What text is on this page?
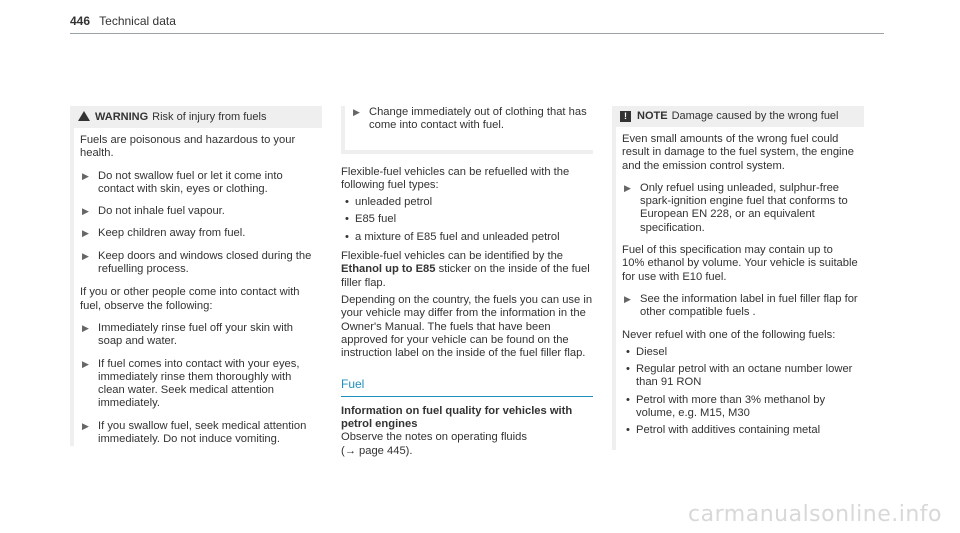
446 Technical data
WARNING Risk of injury from fuels

Fuels are poisonous and hazardous to your health.

▶ Do not swallow fuel or let it come into contact with skin, eyes or clothing.
▶ Do not inhale fuel vapour.
▶ Keep children away from fuel.
▶ Keep doors and windows closed during the refuelling process.

If you or other people come into contact with fuel, observe the following:

▶ Immediately rinse fuel off your skin with soap and water.
▶ If fuel comes into contact with your eyes, immediately rinse them thoroughly with clean water. Seek medical attention immediately.
▶ If you swallow fuel, seek medical attention immediately. Do not induce vomiting.
▶ Change immediately out of clothing that has come into contact with fuel.

Flexible-fuel vehicles can be refuelled with the following fuel types:

• unleaded petrol
• E85 fuel
• a mixture of E85 fuel and unleaded petrol

Flexible-fuel vehicles can be identified by the Ethanol up to E85 sticker on the inside of the fuel filler flap.

Depending on the country, the fuels you can use in your vehicle may differ from the information in the Owner's Manual. The fuels that have been approved for your vehicle can be found on the instruction label on the inside of the fuel filler flap.

Fuel
Information on fuel quality for vehicles with petrol engines

Observe the notes on operating fluids
(→ page 445).

! NOTE Damage caused by the wrong fuel

Even small amounts of the wrong fuel could result in damage to the fuel system, the engine and the emission control system.

▶ Only refuel using unleaded, sulphur-free spark-ignition engine fuel that conforms to European EN 228, or an equivalent specification.

Fuel of this specification may contain up to 10% ethanol by volume. Your vehicle is suitable for use with E10 fuel.

▶ See the information label in fuel filler flap for other compatible fuels .

Never refuel with one of the following fuels:

• Diesel
• Regular petrol with an octane number lower than 91 RON
• Petrol with more than 3% methanol by volume, e.g. M15, M30
• Petrol with additives containing metal
carmanualsonline.info
